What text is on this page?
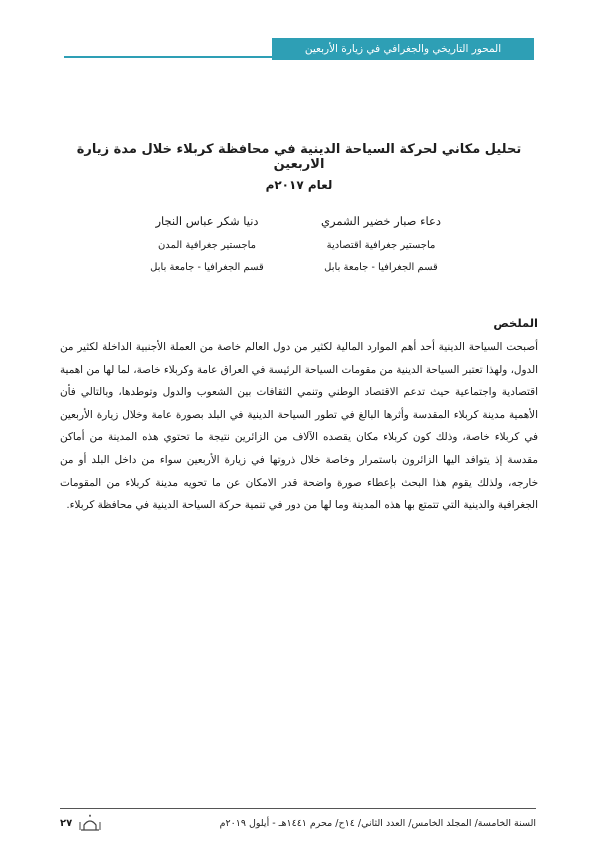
المحور التاريخي والجغرافي في زيارة الأربعين
تحليل مكاني لحركة السياحة الدينية في محافظة كربلاء خلال مدة زيارة الاربعين
لعام ٢٠١٧م
دعاء صبار خضير الشمري
ماجستير جغرافية اقتصادية
قسم الجغرافيا - جامعة بابل
دنيا شكر عباس النجار
ماجستير جغرافية المدن
قسم الجغرافيا - جامعة بابل
الملخص

أصبحت السياحة الدينية أحد أهم الموارد المالية لكثير من دول العالم خاصة من العملة الأجنبية الداخلة لكثير من الدول، ولهذا تعتبر السياحة الدينية من مقومات السياحة الرئيسة في العراق عامة وكربلاء خاصة، لما لها من اهمية اقتصادية واجتماعية حيث تدعم الاقتصاد الوطني وتنمي الثقافات بين الشعوب والدول وتوطدها، وبالتالي فأن الأهمية مدينة كربلاء المقدسة وأثرها البالغ في تطور السياحة الدينية في البلد بصورة عامة وخلال زيارة الأربعين في كربلاء خاصة، وذلك كون كربلاء مكان يقصده الآلاف من الزائرين نتيجة ما تحتوي هذه المدينة من أماكن مقدسة إذ يتوافد اليها الزائرون باستمرار وخاصة خلال ذروتها في زيارة الأربعين سواء من داخل البلد أو من خارجه، ولذلك يقوم هذا البحث بإعطاء صورة واضحة قدر الامكان عن ما تحويه مدينة كربلاء من المقومات الجغرافية والدينية التي تتمتع بها هذه المدينة وما لها من دور في تنمية حركة السياحة الدينية في محافظة كربلاء.

السنة الخامسة/ المجلد الخامس/ العدد الثاني/ ١٤ح/ محرم ١٤٤١هـ - أيلول ٢٠١٩م
٢٧
